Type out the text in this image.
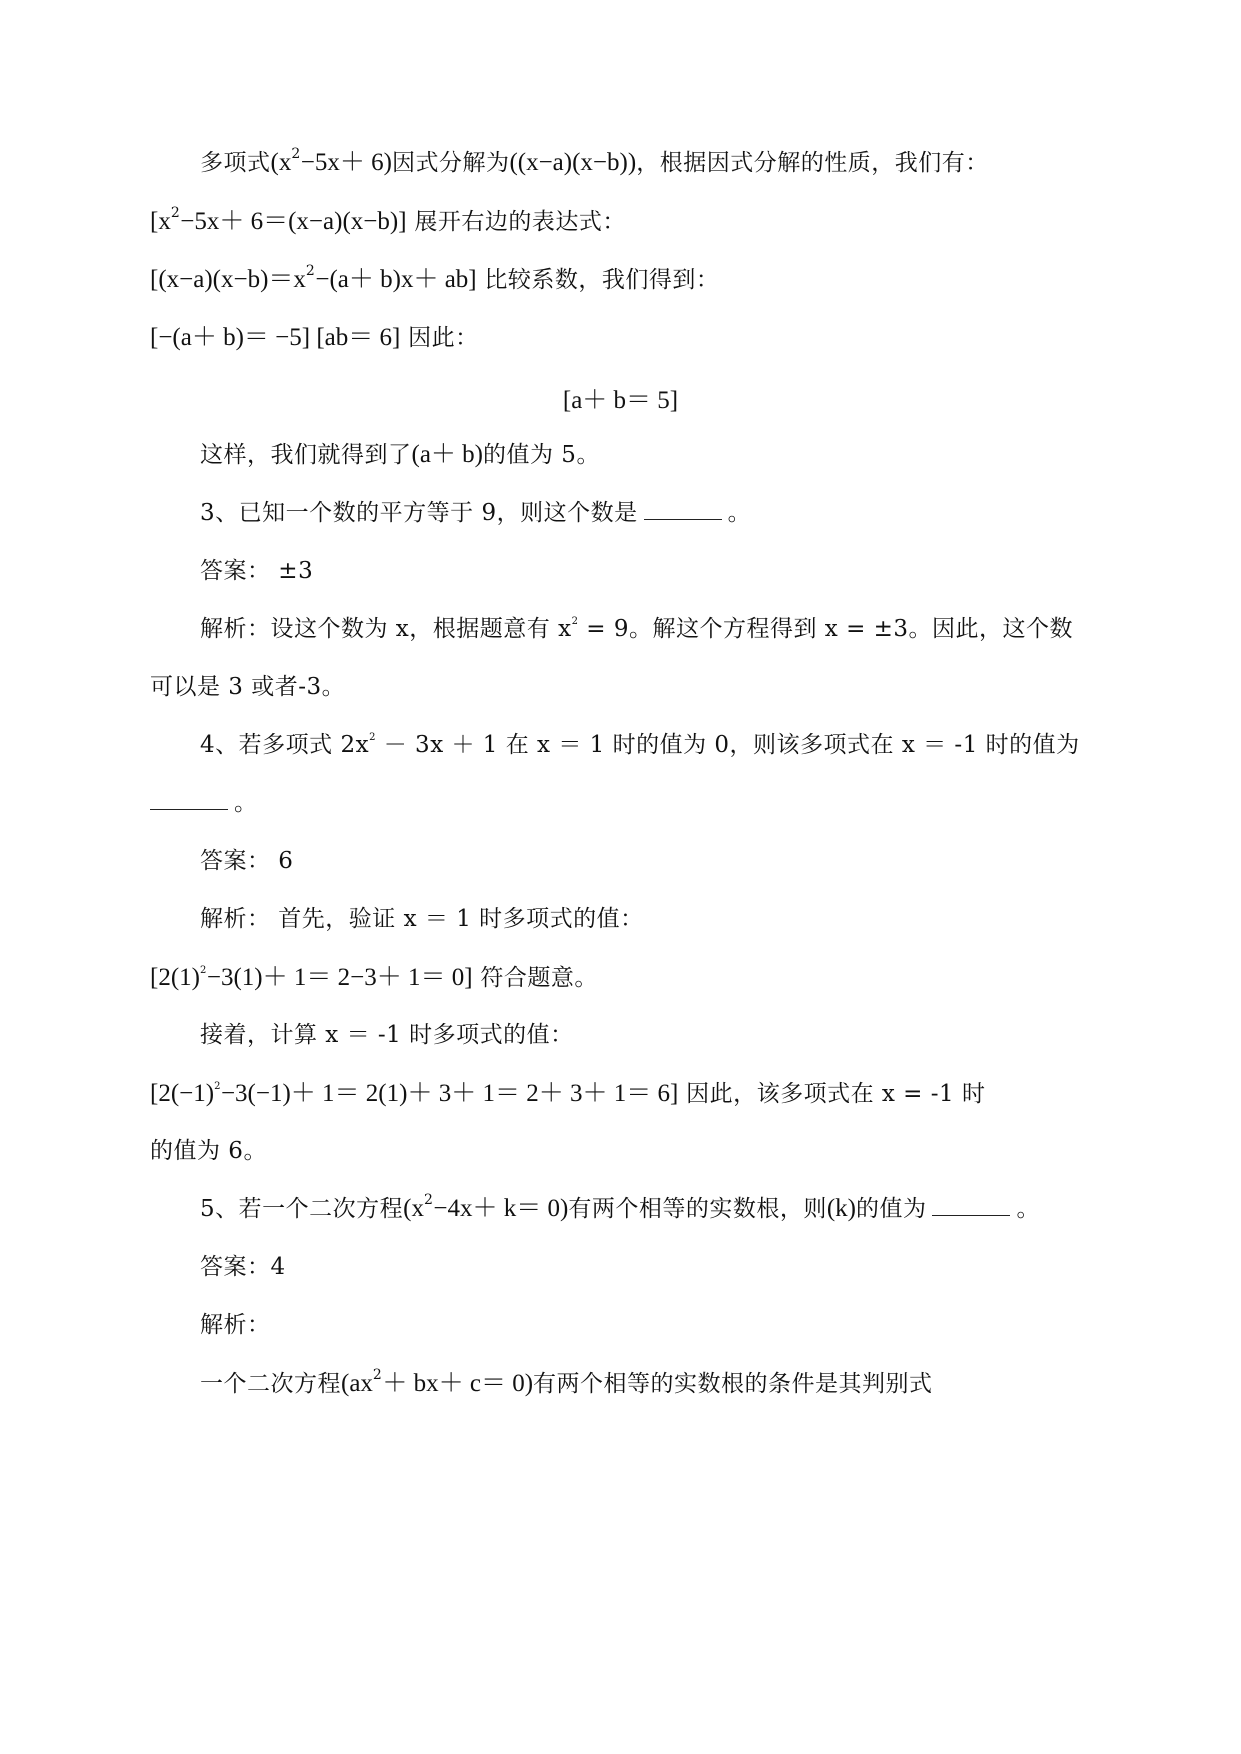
多项式$(x^2-5x+ 6)$因式分解为((x−a)(x−b))，根据因式分解的性质，我们有：
$[x^2-5x+ 6=(x-a)(x-b)]$ 展开右边的表达式：
$[(x-a)(x-b)=x^2-(a+ b)x+ ab]$ 比较系数，我们得到：
[−(a＋ b)＝ −5] [ab＝ 6] 因此：
[a＋ b＝ 5]
这样，我们就得到了(a＋ b)的值为 5。
3、已知一个数的平方等于 9，则这个数是	。
答案： ±3
解析：设这个数为 x，根据题意有 $x^2 = 9$。解这个方程得到 x = ±3。因此，这个数
可以是 3 或者-3。
4、若多项式 $2x^2 - 3x + 1$ 在 x ＝ 1 时的值为 0，则该多项式在 x ＝ -1 时的值为
。
答案： 6
解析： 首先，验证 x ＝ 1 时多项式的值：
$[2(1)^2-3(1)+ 1= 2-3+ 1= 0]$ 符合题意。
接着，计算 x ＝ -1 时多项式的值：
$[2(-1)^2-3(-1)+ 1= 2(1)+ 3+ 1= 2+ 3+ 1= 6]$ 因此，该多项式在 x = -1 时
的值为 6。
5、若一个二次方程$(x^2-4x+ k= 0)$有两个相等的实数根，则(k)的值为	。
答案：4
解析：
一个二次方程$(ax^2+ bx+ c= 0)$有两个相等的实数根的条件是其判别式
